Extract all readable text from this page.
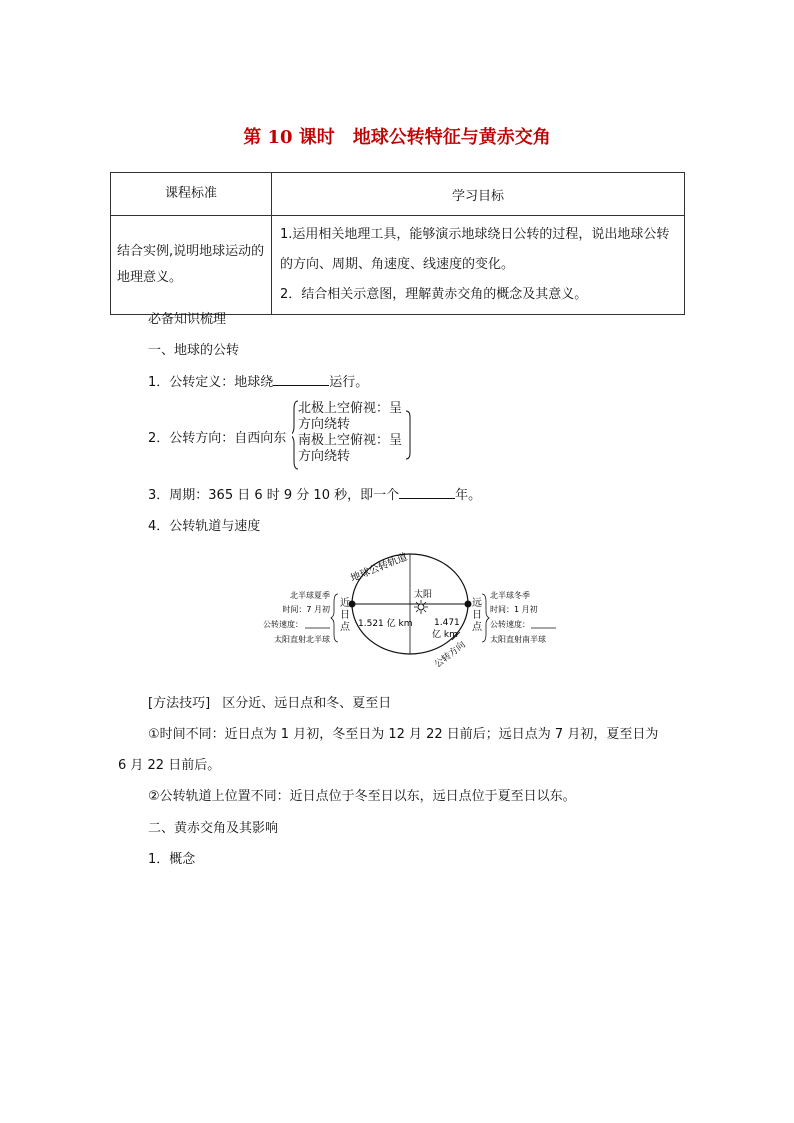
第 10 课时　地球公转特征与黄赤交角
课程标准	学习目标
结合实例,说明地球运动的地理意义。	1.运用相关地理工具，能够演示地球绕日公转的过程，说出地球公转的方向、周期、角速度、线速度的变化。
2．结合相关示意图，理解黄赤交角的概念及其意义。
必备知识梳理
一、地球的公转
1．公转定义：地球绕	运行。
2．公转方向：自西向东
北极上空俯视：呈
方向绕转
南极上空俯视：呈
方向绕转
3．周期：365 日 6 时 9 分 10 秒，即一个	年。
4．公转轨道与速度
太阳
1.521 亿 km 1.471
亿 km
地球公转轨道
公转方向
近
日
点
远
日
点
北半球夏季
时间：7 月初
公转速度：
太阳直射北半球
北半球冬季
时间：1 月初
公转速度：
太阳直射南半球
[方法技巧] 区分近、远日点和冬、夏至日
①时间不同：近日点为 1 月初，冬至日为 12 月 22 日前后；远日点为 7 月初，夏至日为
6 月 22 日前后。
②公转轨道上位置不同：近日点位于冬至日以东，远日点位于夏至日以东。
二、黄赤交角及其影响
1．概念
